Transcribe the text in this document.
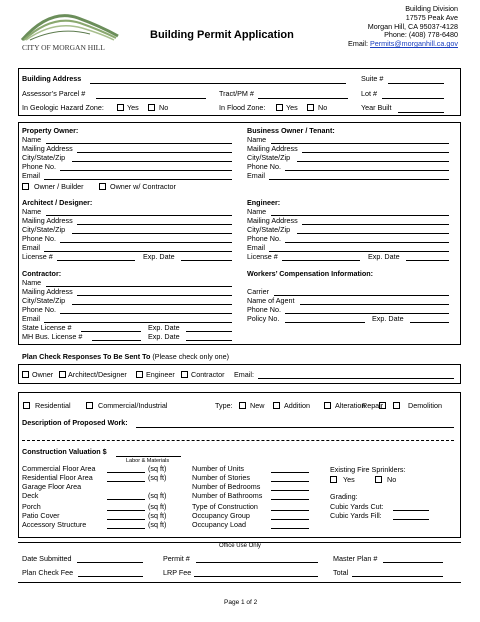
CITY OF MORGAN HILL
Building Permit Application
Building Division
17575 Peak Ave
Morgan Hill, CA 95037-4128
Phone: (408) 778-6480
Email: Permits@morganhill.ca.gov
Building Address	Suite #
Assessor’s Parcel #	Tract/PM #	Lot #
In Geologic Hazard Zone:	Yes	No	In Flood Zone:	Yes	No	Year Built
Property Owner:
Name
Mailing Address
City/State/Zip
Phone No.
Email
Owner / Builder	Owner w/ Contractor
Business Owner / Tenant:
Name
Mailing Address
City/State/Zip
Phone No.
Email
Architect / Designer:
Name
Mailing Address
City/State/Zip
Phone No.
Email
License #	Exp. Date
Engineer:
Name
Mailing Address
City/State/Zip
Phone No.
Email
License #	Exp. Date
Contractor:
Name
Mailing Address
City/State/Zip
Phone No.
Email
State License #	Exp. Date
MH Bus. License #	Exp. Date
Workers’ Compensation Information:
Carrier
Name of Agent
Phone No.
Policy No.	Exp. Date
Plan Check Responses To Be Sent To (Please check only one)
Owner Architect/Designer	Engineer Contractor Email:
Residential	Commercial/Industrial	Type: New	Addition	Alteration
Repair	Demolition
Description of Proposed Work:
Construction Valuation $
Labor & Materials
Commercial Floor Area	(sq ft)
Residential Floor Area	(sq ft)
Garage Floor Area
Deck	(sq ft)
Porch	(sq ft)
Patio Cover	(sq ft)
Accessory Structure	(sq ft)
Number of Units
Number of Stories
Number of Bedrooms
Number of Bathrooms
Type of Construction
Occupancy Group
Occupancy Load
Existing Fire Sprinklers:
Yes	No
Grading:
Cubic Yards Cut:
Cubic Yards Fill:
Office Use Only
Date Submitted	Permit #	Master Plan #
Plan Check Fee	LRP Fee	Total
Page 1 of 2
